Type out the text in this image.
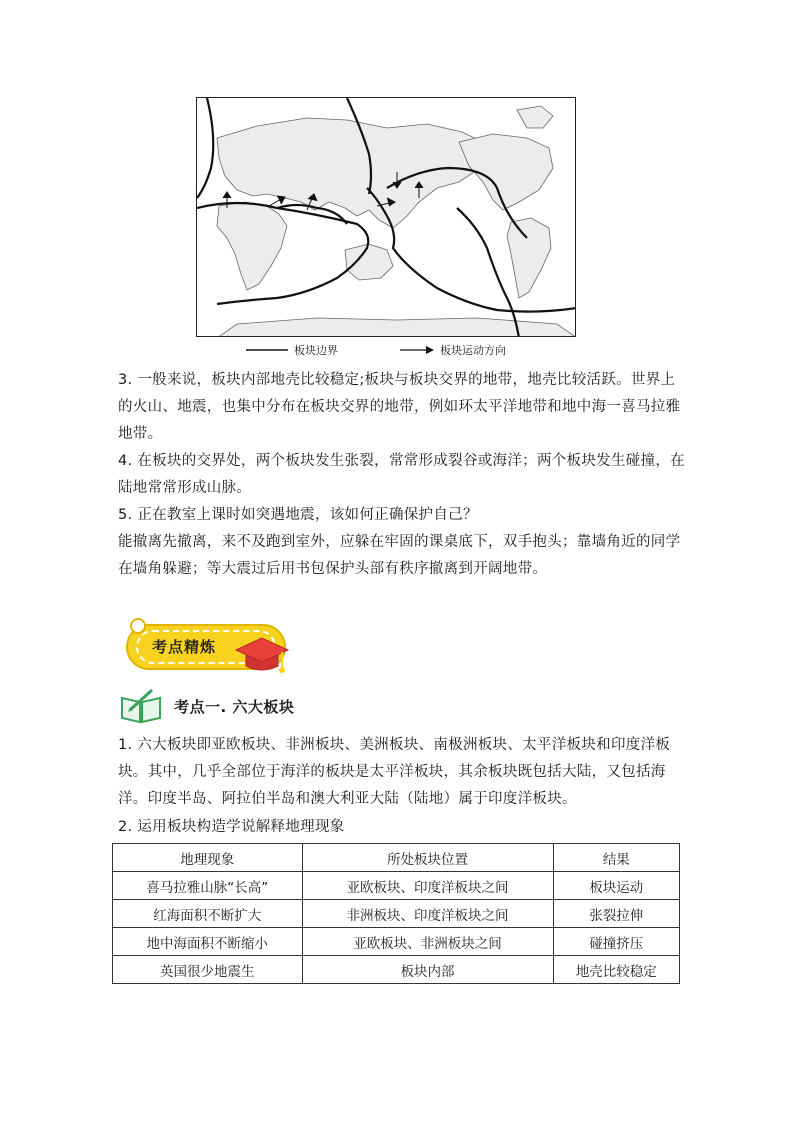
板块边界	板块运动方向

3. 一般来说，板块内部地壳比较稳定;板块与板块交界的地带，地壳比较活跃。世界上的火山、地震，也集中分布在板块交界的地带，例如环太平洋地带和地中海一喜马拉雅地带。

4. 在板块的交界处，两个板块发生张裂，常常形成裂谷或海洋；两个板块发生碰撞，在陆地常常形成山脉。

5. 正在教室上课时如突遇地震，该如何正确保护自己？

能撤离先撤离，来不及跑到室外，应躲在牢固的课桌底下，双手抱头；靠墙角近的同学在墙角躲避；等大震过后用书包保护头部有秩序撤离到开阔地带。

考点精炼
考点一. 六大板块

1. 六大板块即亚欧板块、非洲板块、美洲板块、南极洲板块、太平洋板块和印度洋板块。其中，几乎全部位于海洋的板块是太平洋板块，其余板块既包括大陆，又包括海洋。印度半岛、阿拉伯半岛和澳大利亚大陆（陆地）属于印度洋板块。

2. 运用板块构造学说解释地理现象

地理现象	所处板块位置	结果
喜马拉雅山脉“长高”	亚欧板块、印度洋板块之间	板块运动
红海面积不断扩大	非洲板块、印度洋板块之间	张裂拉伸
地中海面积不断缩小	亚欧板块、非洲板块之间	碰撞挤压
英国很少地震生	板块内部	地壳比较稳定
